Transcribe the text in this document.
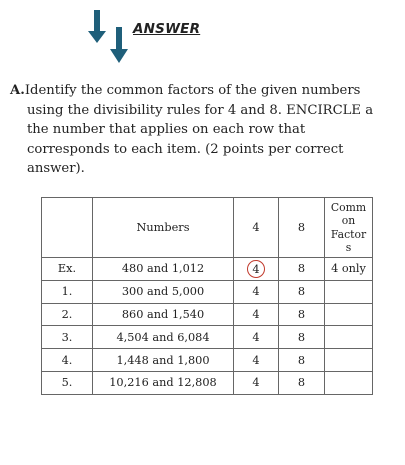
ANSWER
A.Identify the common factors of the given numbers
using the divisibility rules for 4 and 8. ENCIRCLE a
the number that applies on each row that
corresponds to each item. (2 points per correct
answer).
	Numbers	4	8	Comm
on
Factor
s

Ex.	480 and 1,012	4	8	4 only
1.	300 and 5,000	4	8	
2.	860 and 1,540	4	8	
3.	4,504 and 6,084	4	8	
4.	1,448 and 1,800	4	8	
5.	10,216 and 12,808	4	8	
